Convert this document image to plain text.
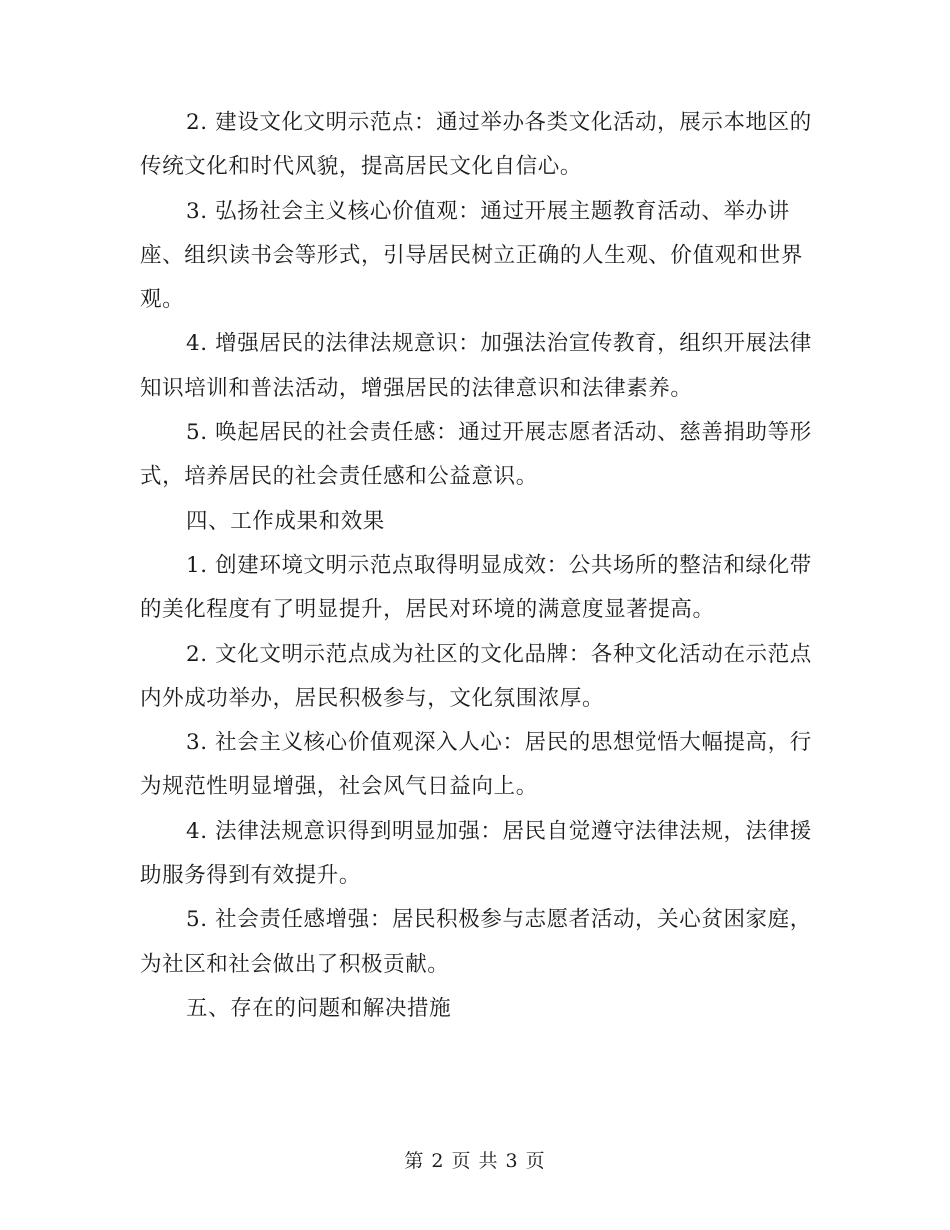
2. 建设文化文明示范点：通过举办各类文化活动，展示本地区的传统文化和时代风貌，提高居民文化自信心。

3. 弘扬社会主义核心价值观：通过开展主题教育活动、举办讲座、组织读书会等形式，引导居民树立正确的人生观、价值观和世界观。

4. 增强居民的法律法规意识：加强法治宣传教育，组织开展法律知识培训和普法活动，增强居民的法律意识和法律素养。

5. 唤起居民的社会责任感：通过开展志愿者活动、慈善捐助等形式，培养居民的社会责任感和公益意识。

四、工作成果和效果

1. 创建环境文明示范点取得明显成效：公共场所的整洁和绿化带的美化程度有了明显提升，居民对环境的满意度显著提高。

2. 文化文明示范点成为社区的文化品牌：各种文化活动在示范点内外成功举办，居民积极参与，文化氛围浓厚。

3. 社会主义核心价值观深入人心：居民的思想觉悟大幅提高，行为规范性明显增强，社会风气日益向上。

4. 法律法规意识得到明显加强：居民自觉遵守法律法规，法律援助服务得到有效提升。

5. 社会责任感增强：居民积极参与志愿者活动，关心贫困家庭，为社区和社会做出了积极贡献。

五、存在的问题和解决措施

第 2 页 共 3 页
